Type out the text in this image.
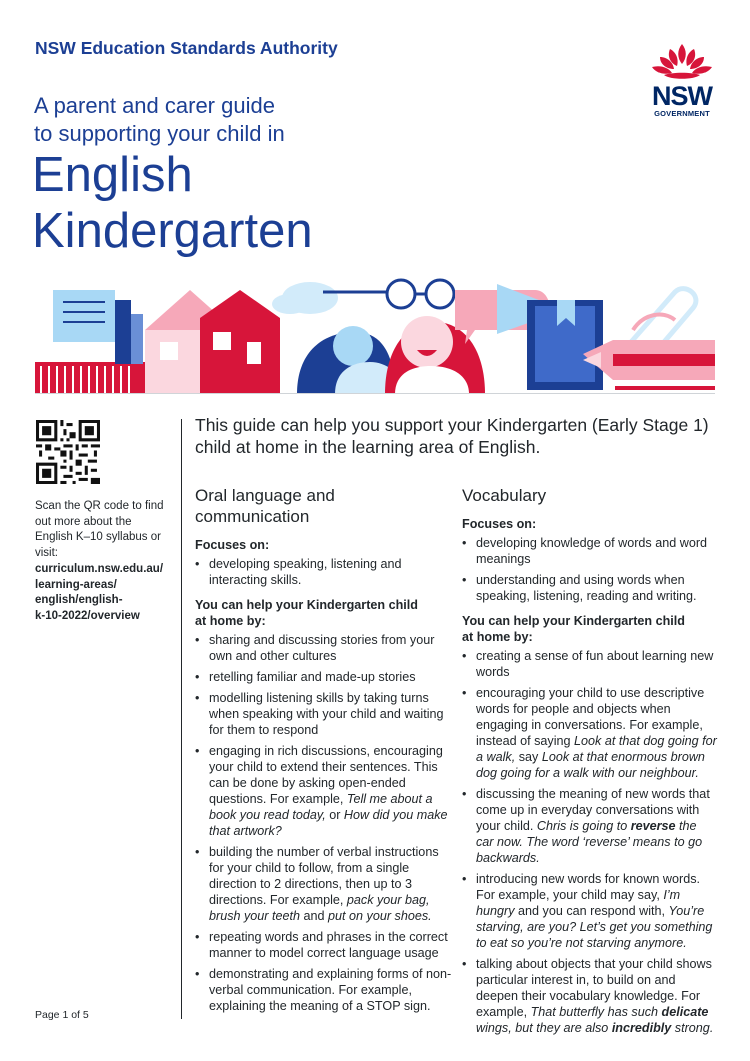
NSW Education Standards Authority
A parent and carer guide
to supporting your child in
English
Kindergarten
NSW
GOVERNMENT
Scan the QR code to find out more about the English K–10 syllabus or visit:
curriculum.nsw.edu.au/
learning-areas/
english/english-
k-10-2022/overview
Page 1 of 5
This guide can help you support your Kindergarten (Early Stage 1) child at home in the learning area of English.
Oral language and
communication
Focuses on:
• developing speaking, listening and interacting skills.
You can help your Kindergarten child
at home by:
• sharing and discussing stories from your own and other cultures
• retelling familiar and made-up stories
• modelling listening skills by taking turns when speaking with your child and waiting for them to respond
• engaging in rich discussions, encouraging your child to extend their sentences. This can be done by asking open-ended questions. For example, Tell me about a book you read today, or How did you make that artwork?
• building the number of verbal instructions for your child to follow, from a single direction to 2 directions, then up to 3 directions. For example, pack your bag, brush your teeth and put on your shoes.
• repeating words and phrases in the correct manner to model correct language usage
• demonstrating and explaining forms of non-verbal communication. For example, explaining the meaning of a STOP sign.
Vocabulary
Focuses on:
• developing knowledge of words and word meanings
• understanding and using words when speaking, listening, reading and writing.
You can help your Kindergarten child
at home by:
• creating a sense of fun about learning new words
• encouraging your child to use descriptive words for people and objects when engaging in conversations. For example, instead of saying Look at that dog going for a walk, say Look at that enormous brown dog going for a walk with our neighbour.
• discussing the meaning of new words that come up in everyday conversations with your child. Chris is going to reverse the car now. The word ‘reverse’ means to go backwards.
• introducing new words for known words. For example, your child may say, I’m hungry and you can respond with, You’re starving, are you? Let’s get you something to eat so you’re not starving anymore.
• talking about objects that your child shows particular interest in, to build on and deepen their vocabulary knowledge. For example, That butterfly has such delicate wings, but they are also incredibly strong.
